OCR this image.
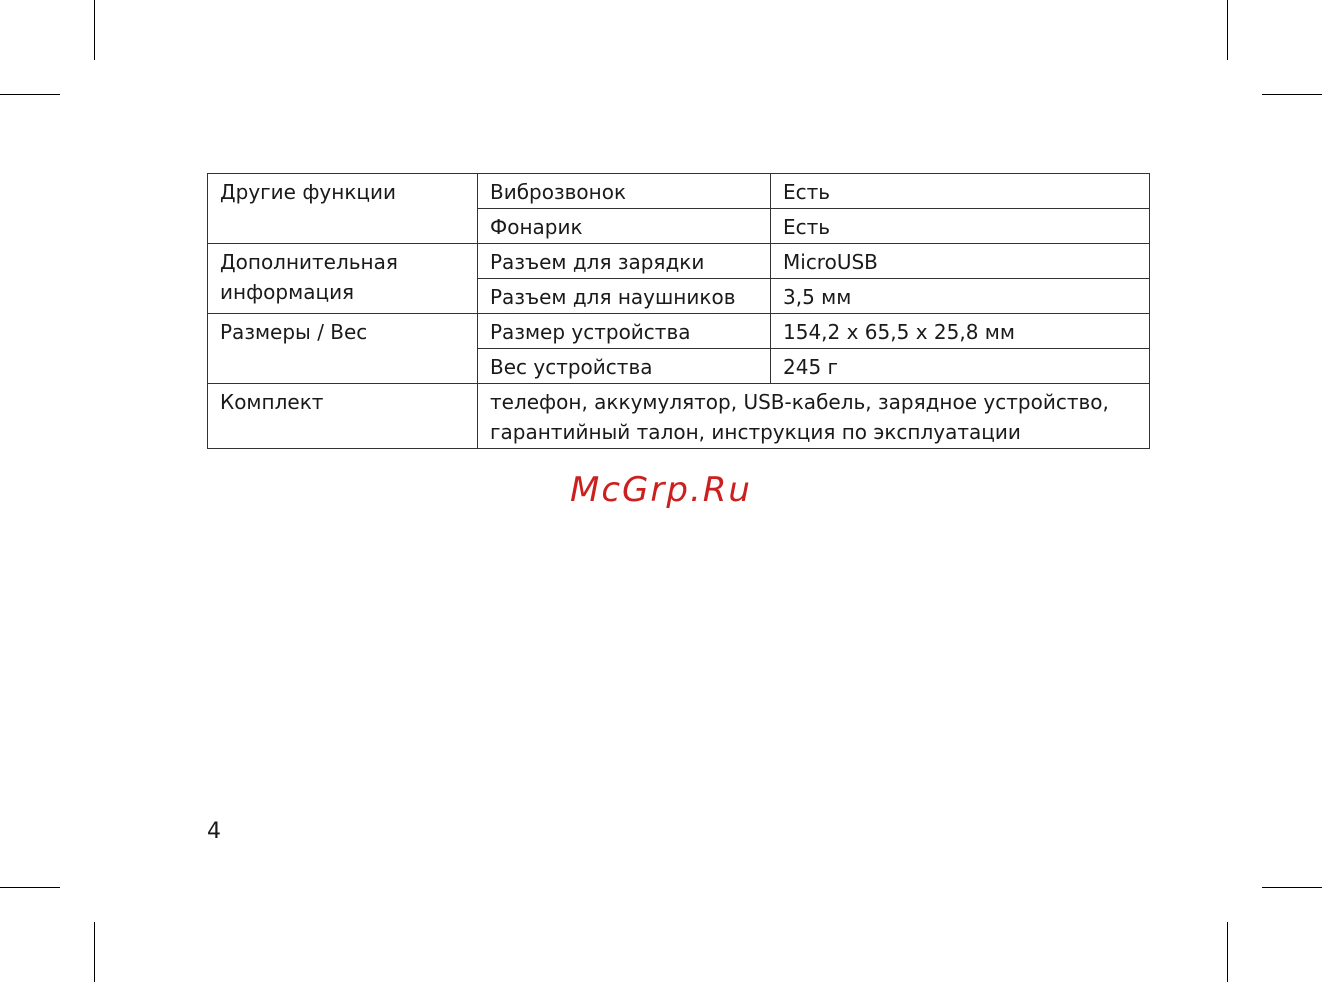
Другие функции	Виброзвонок	Есть
	Фонарик	Есть
Дополнительная информация	Разъем для зарядки	MicroUSB
	Разъем для наушников	3,5 мм
Размеры / Вес	Размер устройства	154,2 x 65,5 x 25,8 мм
	Вес устройства	245 г
Комплект	телефон, аккумулятор, USB-кабель, зарядное устройство, гарантийный талон, инструкция по эксплуатации	
McGrp.Ru
4
